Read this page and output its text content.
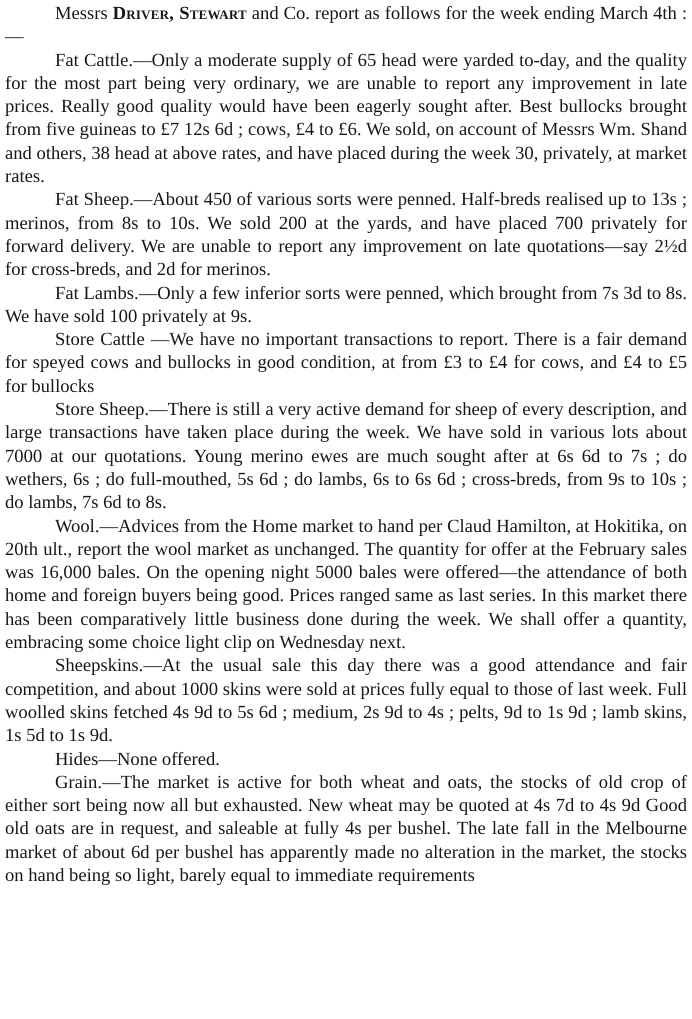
Messrs Driver, Stewart and Co. report as follows for the week ending March 4th :—

Fat Cattle.—Only a moderate supply of 65 head were yarded to-day, and the quality for the most part being very ordinary, we are unable to report any improvement in late prices. Really good quality would have been eagerly sought after. Best bullocks brought from five guineas to £7 12s 6d ; cows, £4 to £6. We sold, on account of Messrs Wm. Shand and others, 38 head at above rates, and have placed during the week 30, privately, at market rates.

Fat Sheep.—About 450 of various sorts were penned. Half-breds realised up to 13s ; merinos, from 8s to 10s. We sold 200 at the yards, and have placed 700 privately for forward delivery. We are unable to report any improvement on late quotations—say 2½d for cross-breds, and 2d for merinos.

Fat Lambs.—Only a few inferior sorts were penned, which brought from 7s 3d to 8s. We have sold 100 privately at 9s.

Store Cattle —We have no important transactions to report. There is a fair demand for speyed cows and bullocks in good condition, at from £3 to £4 for cows, and £4 to £5 for bullocks

Store Sheep.—There is still a very active demand for sheep of every description, and large transactions have taken place during the week. We have sold in various lots about 7000 at our quotations. Young merino ewes are much sought after at 6s 6d to 7s ; do wethers, 6s ; do full-mouthed, 5s 6d ; do lambs, 6s to 6s 6d ; cross-breds, from 9s to 10s ; do lambs, 7s 6d to 8s.

Wool.—Advices from the Home market to hand per Claud Hamilton, at Hokitika, on 20th ult., report the wool market as unchanged. The quantity for offer at the February sales was 16,000 bales. On the opening night 5000 bales were offered—the attendance of both home and foreign buyers being good. Prices ranged same as last series. In this market there has been comparatively little business done during the week. We shall offer a quantity, embracing some choice light clip on Wednesday next.

Sheepskins.—At the usual sale this day there was a good attendance and fair competition, and about 1000 skins were sold at prices fully equal to those of last week. Full woolled skins fetched 4s 9d to 5s 6d ; medium, 2s 9d to 4s ; pelts, 9d to 1s 9d ; lamb skins, 1s 5d to 1s 9d.

Hides—None offered.

Grain.—The market is active for both wheat and oats, the stocks of old crop of either sort being now all but exhausted. New wheat may be quoted at 4s 7d to 4s 9d Good old oats are in request, and saleable at fully 4s per bushel. The late fall in the Melbourne market of about 6d per bushel has apparently made no alteration in the market, the stocks on hand being so light, barely equal to immediate requirements
